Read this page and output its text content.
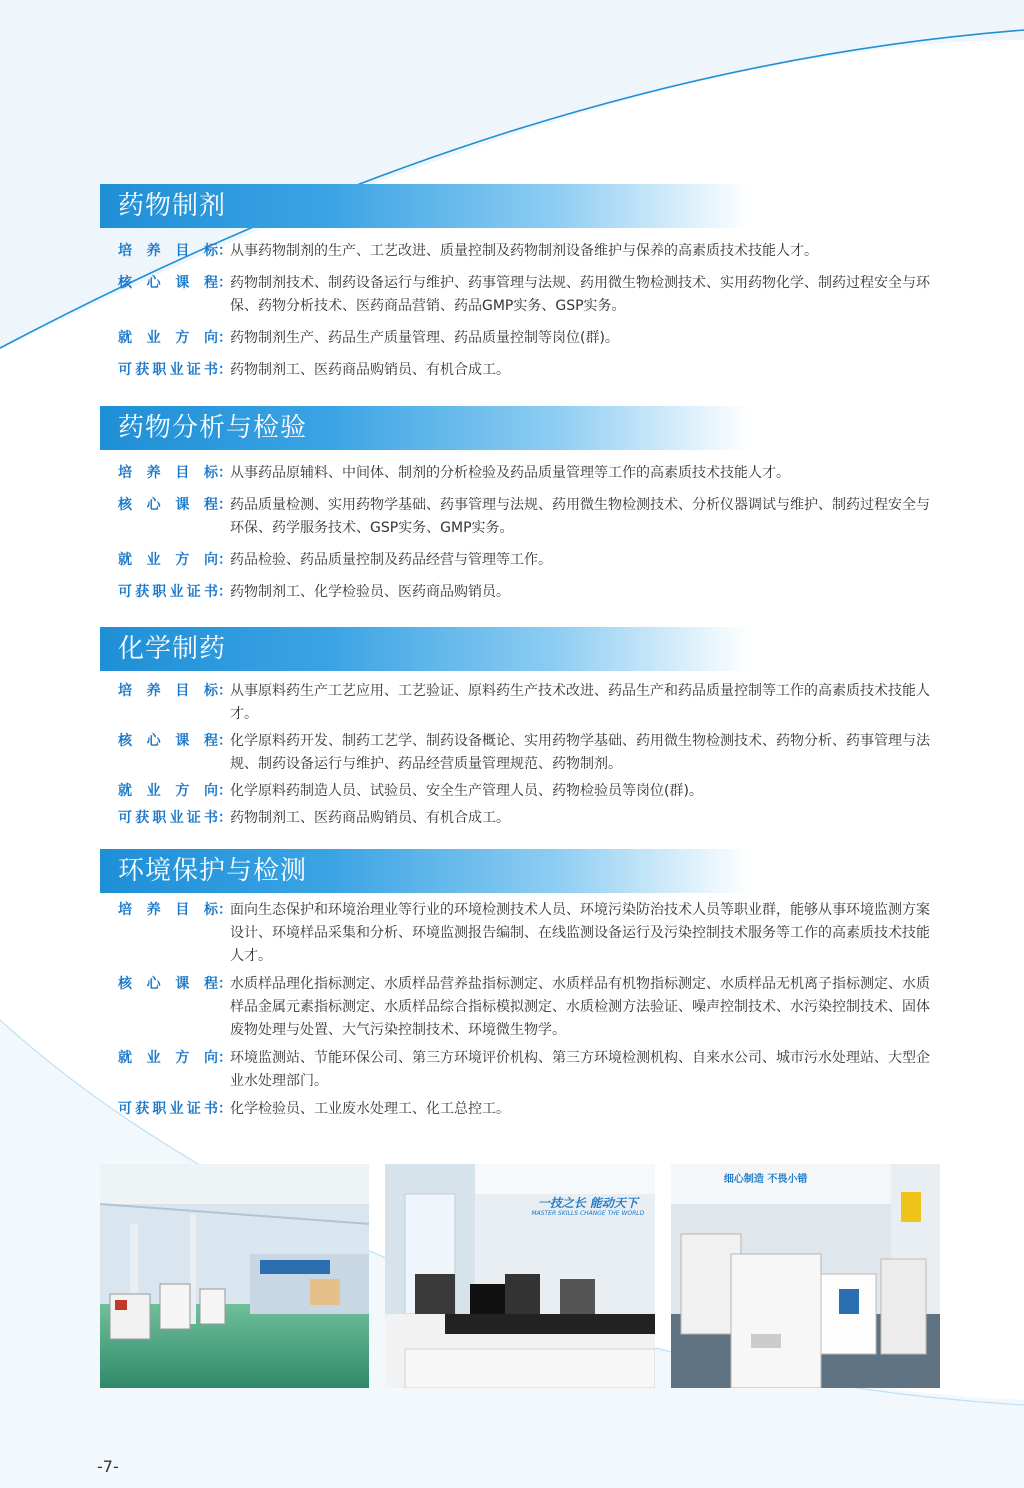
药物制剂
培养目标 ：
从事药物制剂的生产、工艺改进、质量控制及药物制剂设备维护与保养的高素质技术技能人才。
核心课程 ：
药物制剂技术、制药设备运行与维护、药事管理与法规、药用微生物检测技术、实用药物化学、制药过程安全与环保、药物分析技术、医药商品营销、药品GMP实务、GSP实务。
就业方向 ：
药物制剂生产、药品生产质量管理、药品质量控制等岗位(群)。
可获职业证书 ：
药物制剂工、医药商品购销员、有机合成工。
药物分析与检验
培养目标 ：
从事药品原辅料、中间体、制剂的分析检验及药品质量管理等工作的高素质技术技能人才。
核心课程 ：
药品质量检测、实用药物学基础、药事管理与法规、药用微生物检测技术、分析仪器调试与维护、制药过程安全与环保、药学服务技术、GSP实务、GMP实务。
就业方向 ：
药品检验、药品质量控制及药品经营与管理等工作。
可获职业证书 ：
药物制剂工、化学检验员、医药商品购销员。
化学制药
培养目标 ：
从事原料药生产工艺应用、工艺验证、原料药生产技术改进、药品生产和药品质量控制等工作的高素质技术技能人才。
核心课程 ：
化学原料药开发、制药工艺学、制药设备概论、实用药物学基础、药用微生物检测技术、药物分析、药事管理与法规、制药设备运行与维护、药品经营质量管理规范、药物制剂。
就业方向 ：
化学原料药制造人员、试验员、安全生产管理人员、药物检验员等岗位(群)。
可获职业证书 ：
药物制剂工、医药商品购销员、有机合成工。
环境保护与检测
培养目标 ：
面向生态保护和环境治理业等行业的环境检测技术人员、环境污染防治技术人员等职业群，能够从事环境监测方案设计、环境样品采集和分析、环境监测报告编制、在线监测设备运行及污染控制技术服务等工作的高素质技术技能人才。
核心课程 ：
水质样品理化指标测定、水质样品营养盐指标测定、水质样品有机物指标测定、水质样品无机离子指标测定、水质样品金属元素指标测定、水质样品综合指标模拟测定、水质检测方法验证、噪声控制技术、水污染控制技术、固体废物处理与处置、大气污染控制技术、环境微生物学。
就业方向 ：
环境监测站、节能环保公司、第三方环境评价机构、第三方环境检测机构、自来水公司、城市污水处理站、大型企业水处理部门。
可获职业证书 ：
化学检验员、工业废水处理工、化工总控工。
一技之长 能动天下
MASTER SKILLS CHANGE THE WORLD
细心制造 不畏小错
-7-
